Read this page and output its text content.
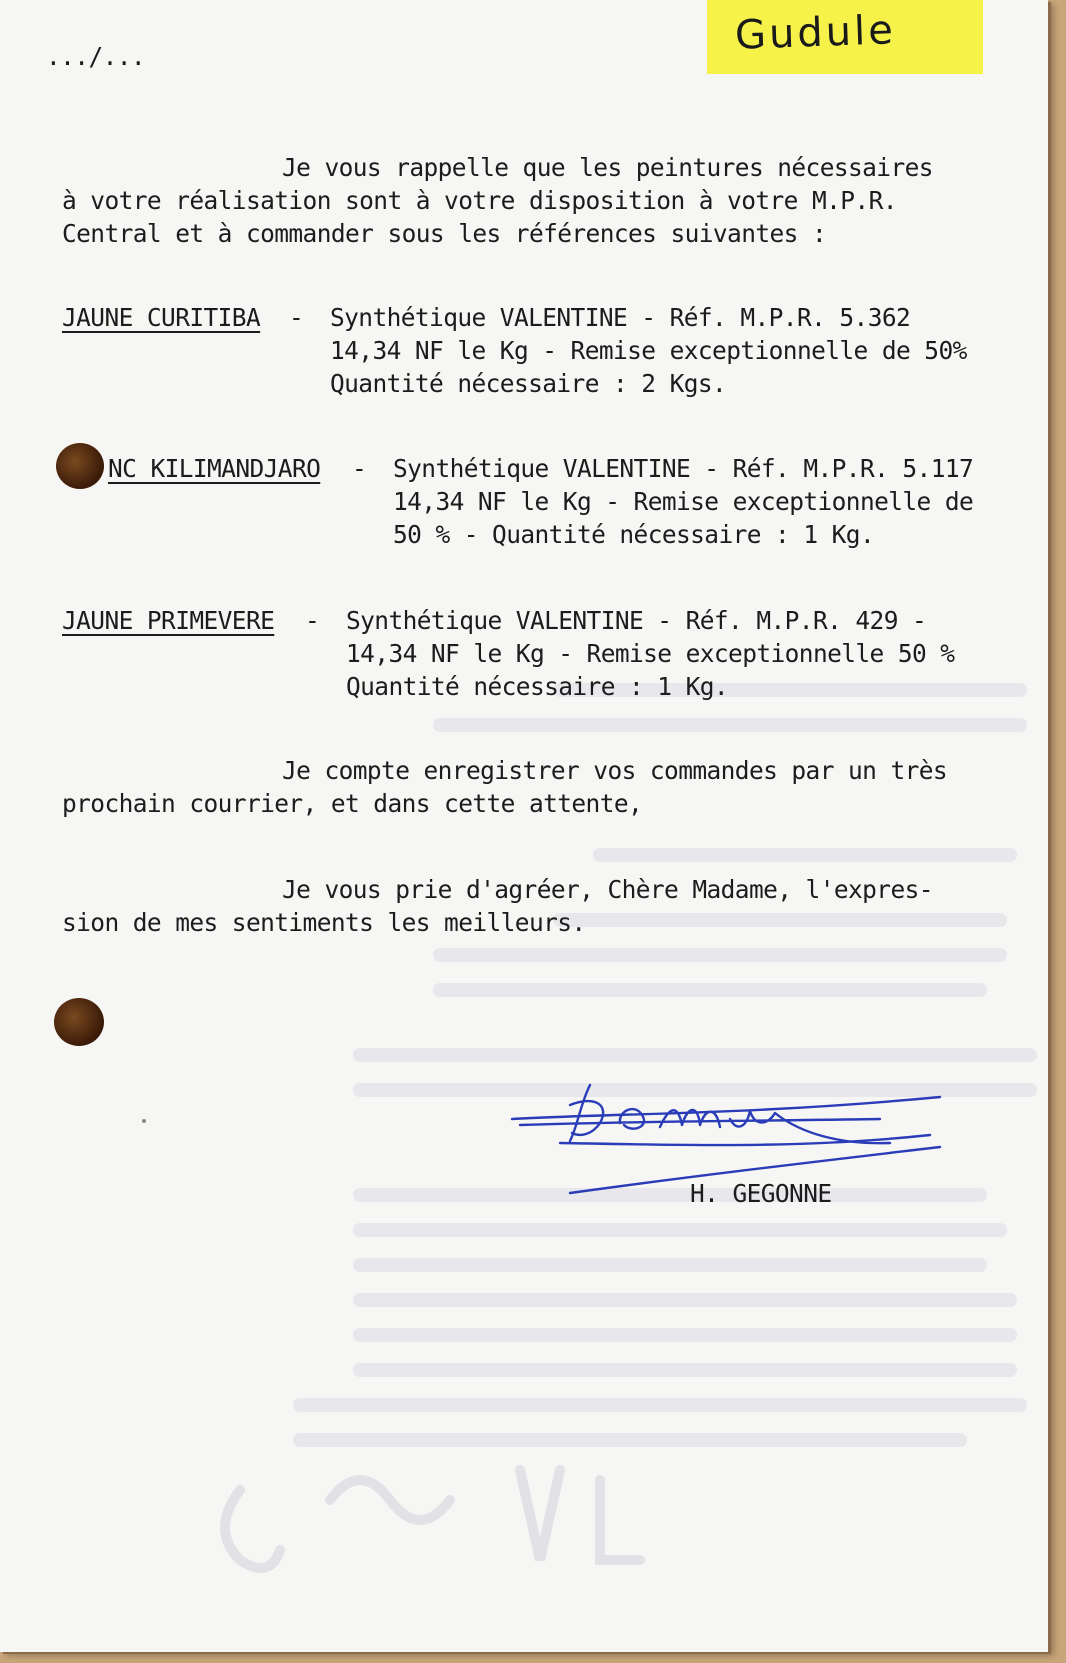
Gudule
.../...
Je vous rappelle que les peintures nécessaires
à votre réalisation sont à votre disposition à votre M.P.R.
Central et à commander sous les références suivantes :
JAUNE CURITIBA - Synthétique VALENTINE - Réf. M.P.R. 5.362
14,34 NF le Kg - Remise exceptionnelle de 50%
Quantité nécessaire : 2 Kgs.
NC KILIMANDJARO - Synthétique VALENTINE - Réf. M.P.R. 5.117
14,34 NF le Kg - Remise exceptionnelle de
50 % - Quantité nécessaire : 1 Kg.
JAUNE PRIMEVERE - Synthétique VALENTINE - Réf. M.P.R. 429 -
14,34 NF le Kg - Remise exceptionnelle 50 %
Quantité nécessaire : 1 Kg.
Je compte enregistrer vos commandes par un très
prochain courrier, et dans cette attente,
Je vous prie d'agréer, Chère Madame, l'expres-
sion de mes sentiments les meilleurs.
H. GEGONNE
